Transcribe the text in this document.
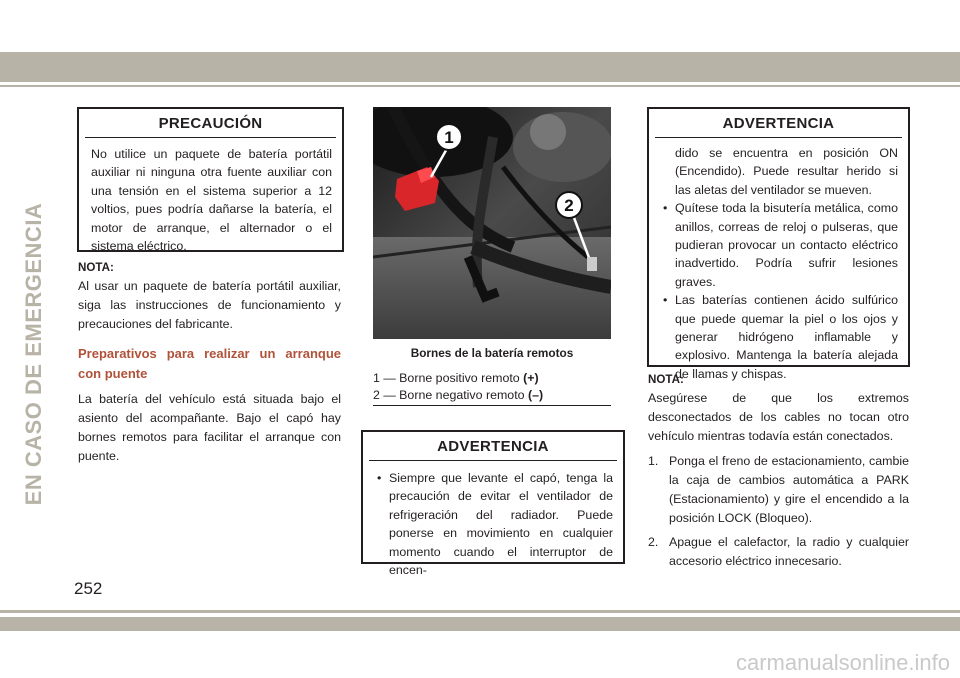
EN CASO DE EMERGENCIA
PRECAUCIÓN
No utilice un paquete de batería portátil auxiliar ni ninguna otra fuente auxiliar con una tensión en el sistema superior a 12 voltios, pues podría dañarse la batería, el motor de arranque, el alternador o el sistema eléctrico.
NOTA:

Al usar un paquete de batería portátil auxiliar, siga las instrucciones de funcionamiento y precauciones del fabricante.

Preparativos para realizar un arranque con puente

La batería del vehículo está situada bajo el asiento del acompañante. Bajo el capó hay bornes remotos para facilitar el arranque con puente.

1
2
Bornes de la batería remotos
1 — Borne positivo remoto (+)
2 — Borne negativo remoto (–)
ADVERTENCIA
• Siempre que levante el capó, tenga la precaución de evitar el ventilador de refrigeración del radiador. Puede ponerse en movimiento en cualquier momento cuando el interruptor de encen-
ADVERTENCIA

dido se encuentra en posición ON (Encendido). Puede resultar herido si las aletas del ventilador se mueven.

• Quítese toda la bisutería metálica, como anillos, correas de reloj o pulseras, que pudieran provocar un contacto eléctrico inadvertido. Podría sufrir lesiones graves.
• Las baterías contienen ácido sulfúrico que puede quemar la piel o los ojos y generar hidrógeno inflamable y explosivo. Mantenga la batería alejada de llamas y chispas.
NOTA:

Asegúrese de que los extremos desconectados de los cables no tocan otro vehículo mientras todavía están conectados.

1. Ponga el freno de estacionamiento, cambie la caja de cambios automática a PARK (Estacionamiento) y gire el encendido a la posición LOCK (Bloqueo).
2. Apague el calefactor, la radio y cualquier accesorio eléctrico innecesario.
252
carmanualsonline.info
